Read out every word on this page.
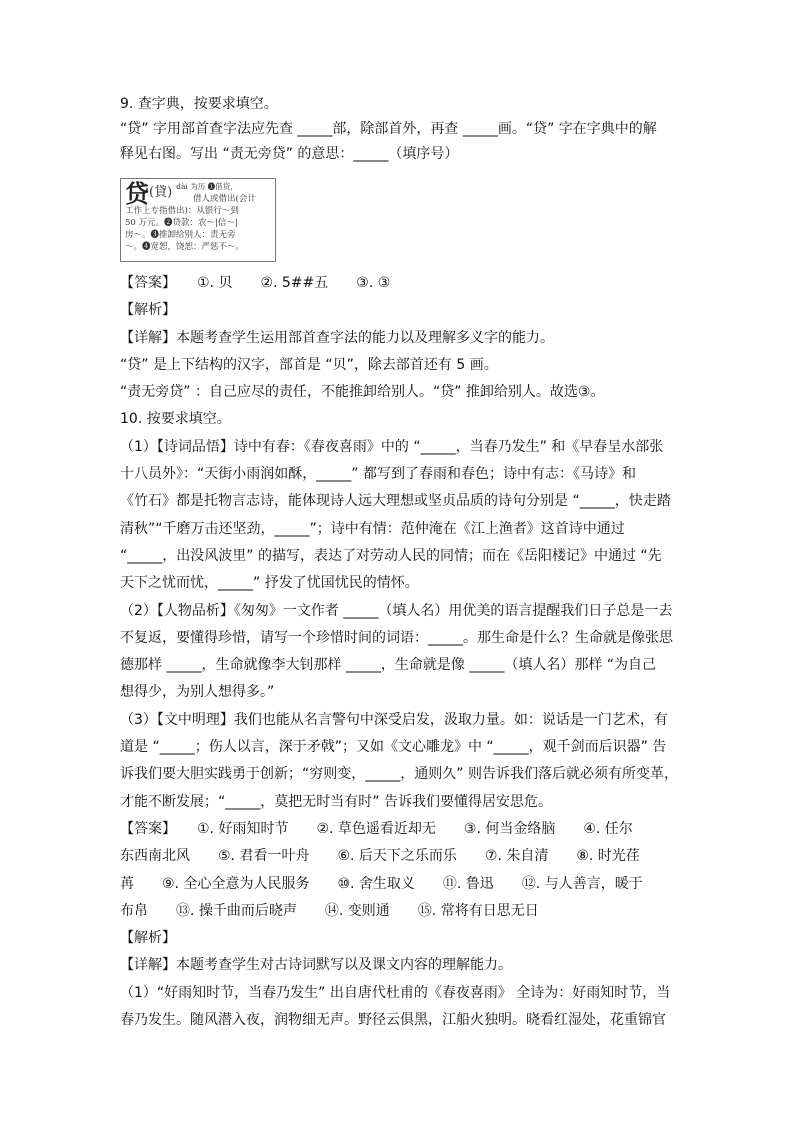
9. 查字典，按要求填空。
“贷” 字用部首查字法应先查 _____部，除部首外，再查 _____画。“贷” 字在字典中的解
释见右图。写出 “责无旁贷” 的意思：_____（填序号）
贷 (貸) dài 为历 ❶借贷，
借人或借出(会计
工作上专指借出)：从银行～到
50 万元。❷贷款：农～|信～|
房～。❸推卸给别人：责无旁
～。❹宽恕，饶恕：严惩不～。
【答案】　　①. 贝　　②. 5##五　　③. ③
【解析】
【详解】本题考查学生运用部首查字法的能力以及理解多义字的能力。
“贷” 是上下结构的汉字，部首是 “贝”，除去部首还有 5 画。
“责无旁贷” ：自己应尽的责任，不能推卸给别人。“贷” 推卸给别人。故选③。
10. 按要求填空。
（1）【诗词品悟】诗中有春：《春夜喜雨》中的 “_____，当春乃发生” 和《早春呈水部张
十八员外》：“天街小雨润如酥，_____” 都写到了春雨和春色；诗中有志：《马诗》和
《竹石》都是托物言志诗，能体现诗人远大理想或坚贞品质的诗句分别是 “_____，快走踏
清秋”“千磨万击还坚劲，_____”；诗中有情：范仲淹在《江上渔者》这首诗中通过
“_____，出没风波里” 的描写，表达了对劳动人民的同情；而在《岳阳楼记》中通过 “先
天下之忧而忧，_____” 抒发了忧国忧民的情怀。
（2）【人物品析】《匆匆》一文作者 _____（填人名）用优美的语言提醒我们日子总是一去
不复返，要懂得珍惜，请写一个珍惜时间的词语：_____。那生命是什么？生命就是像张思
德那样 _____，生命就像李大钊那样 _____，生命就是像 _____（填人名）那样 “为自己
想得少，为别人想得多。”
（3）【文中明理】我们也能从名言警句中深受启发，汲取力量。如：说话是一门艺术，有
道是 “_____；伤人以言，深于矛戟”；又如《文心雕龙》中 “_____，观千剑而后识器” 告
诉我们要大胆实践勇于创新；“穷则变，_____，通则久” 则告诉我们落后就必须有所变革，
才能不断发展；“_____，莫把无时当有时” 告诉我们要懂得居安思危。
【答案】　　①. 好雨知时节　　②. 草色遥看近却无　　③. 何当金络脑　　④. 任尔
东西南北风　　⑤. 君看一叶舟　　⑥. 后天下之乐而乐　　⑦. 朱自清　　⑧. 时光荏
苒　　⑨. 全心全意为人民服务　　⑩. 舍生取义　　⑪. 鲁迅　　⑫. 与人善言，暖于
布帛　　⑬. 操千曲而后晓声　　⑭. 变则通　　⑮. 常将有日思无日
【解析】
【详解】本题考查学生对古诗词默写以及课文内容的理解能力。
（1）“好雨知时节，当春乃发生” 出自唐代杜甫的《春夜喜雨》 全诗为：好雨知时节，当
春乃发生。随风潜入夜，润物细无声。野径云俱黑，江船火独明。晓看红湿处，花重锦官
